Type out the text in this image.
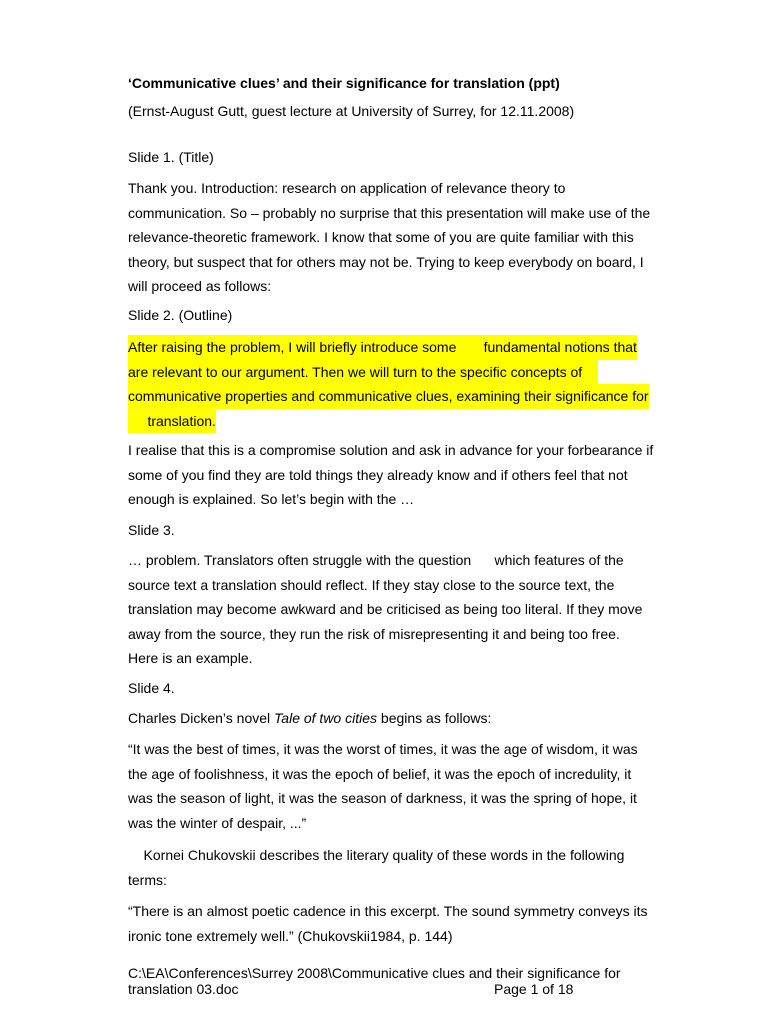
‘Communicative clues’ and their significance for translation (ppt)
(Ernst-August Gutt, guest lecture at University of Surrey, for 12.11.2008)
Slide 1. (Title)
Thank you. Introduction: research on application of relevance theory to
communication. So – probably no surprise that this presentation will make use of the
relevance-theoretic framework. I know that some of you are quite familiar with this
theory, but suspect that for others may not be. Trying to keep everybody on board, I
will proceed as follows:
Slide 2. (Outline)
After raising the problem, I will briefly introduce some       fundamental notions that
are relevant to our argument. Then we will turn to the specific concepts of
communicative properties and communicative clues, examining their significance for
translation.
I realise that this is a compromise solution and ask in advance for your forbearance if
some of you find they are told things they already know and if others feel that not
enough is explained. So let’s begin with the …
Slide 3.
… problem. Translators often struggle with the question      which features of the
source text a translation should reflect. If they stay close to the source text, the
translation may become awkward and be criticised as being too literal. If they move
away from the source, they run the risk of misrepresenting it and being too free.
Here is an example.
Slide 4.
Charles Dicken’s novel Tale of two cities begins as follows:
“It was the best of times, it was the worst of times, it was the age of wisdom, it was
the age of foolishness, it was the epoch of belief, it was the epoch of incredulity, it
was the season of light, it was the season of darkness, it was the spring of hope, it
was the winter of despair, ...”
Kornei Chukovskii describes the literary quality of these words in the following
terms:
“There is an almost poetic cadence in this excerpt. The sound symmetry conveys its
ironic tone extremely well.” (Chukovskii1984, p. 144)
C:\EA\Conferences\Surrey 2008\Communicative clues and their significance for
translation 03.doc	Page 1 of 18
